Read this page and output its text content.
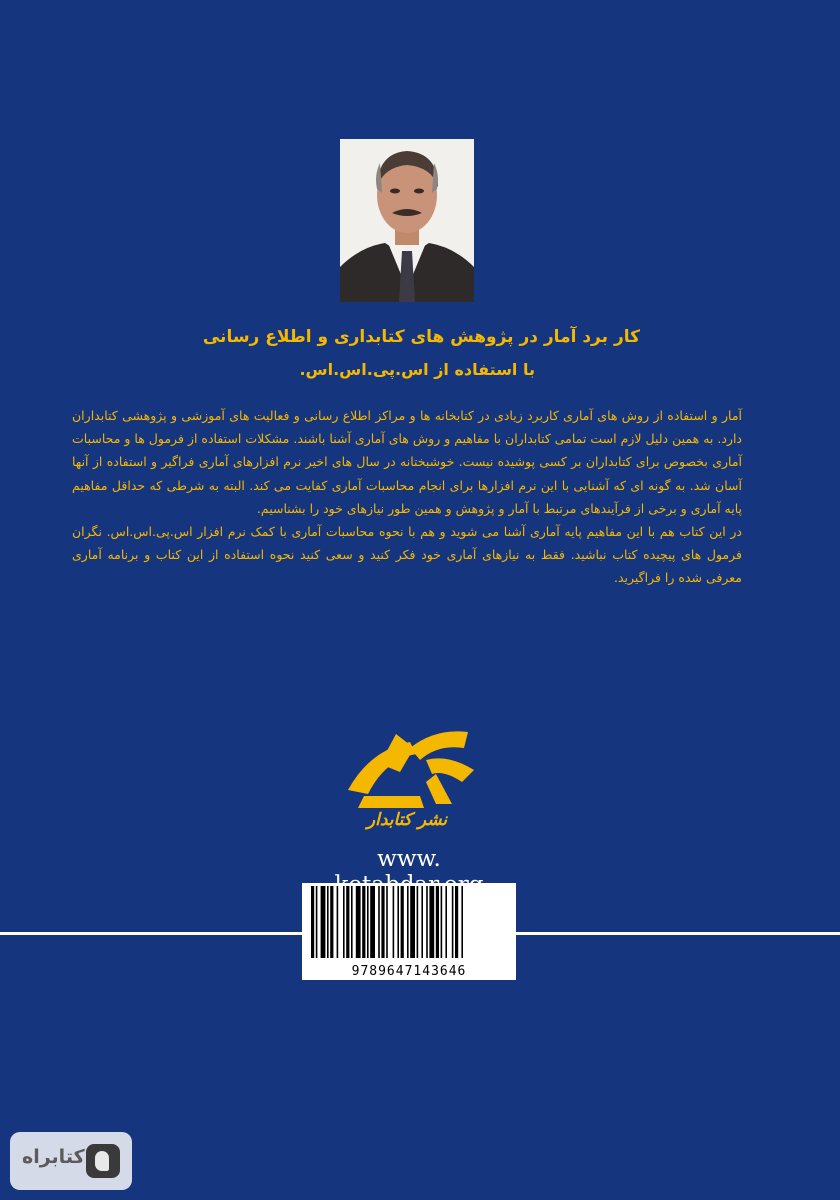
کار برد آمار در پژوهش های کتابداری و اطلاع رسانی
با استفاده از اس.پی.اس.اس.

آمار و استفاده از روش های آماری کاربرد زیادی در کتابخانه ها و مراکز اطلاع رسانی و فعالیت های آموزشی و پژوهشی کتابداران دارد. به همین دلیل لازم است تمامی کتابداران با مفاهیم و روش های آماری آشنا باشند. مشکلات استفاده از فرمول ها و محاسبات آماری بخصوص برای کتابداران بر کسی پوشیده نیست. خوشبختانه در سال های اخیر نرم افزارهای آماری فراگیر و استفاده از آنها آسان شد. به گونه ای که آشنایی با این نرم افزارها برای انجام محاسبات آماری کفایت می کند. البته به شرطی که حداقل مفاهیم پایه آماری و برخی از فرآیندهای مرتبط با آمار و پژوهش و همین طور نیازهای خود را بشناسیم.

در این کتاب هم با این مفاهیم پایه آماری آشنا می شوید و هم با نحوه محاسبات آماری با کمک نرم افزار اس.پی.اس.اس. نگران فرمول های پیچیده کتاب نباشید. فقط به نیازهای آماری خود فکر کنید و سعی کنید نحوه استفاده از این کتاب و برنامه آماری معرفی شده را فراگیرید.

نشر کتابدار
www.
9789647143646
کتابراه
